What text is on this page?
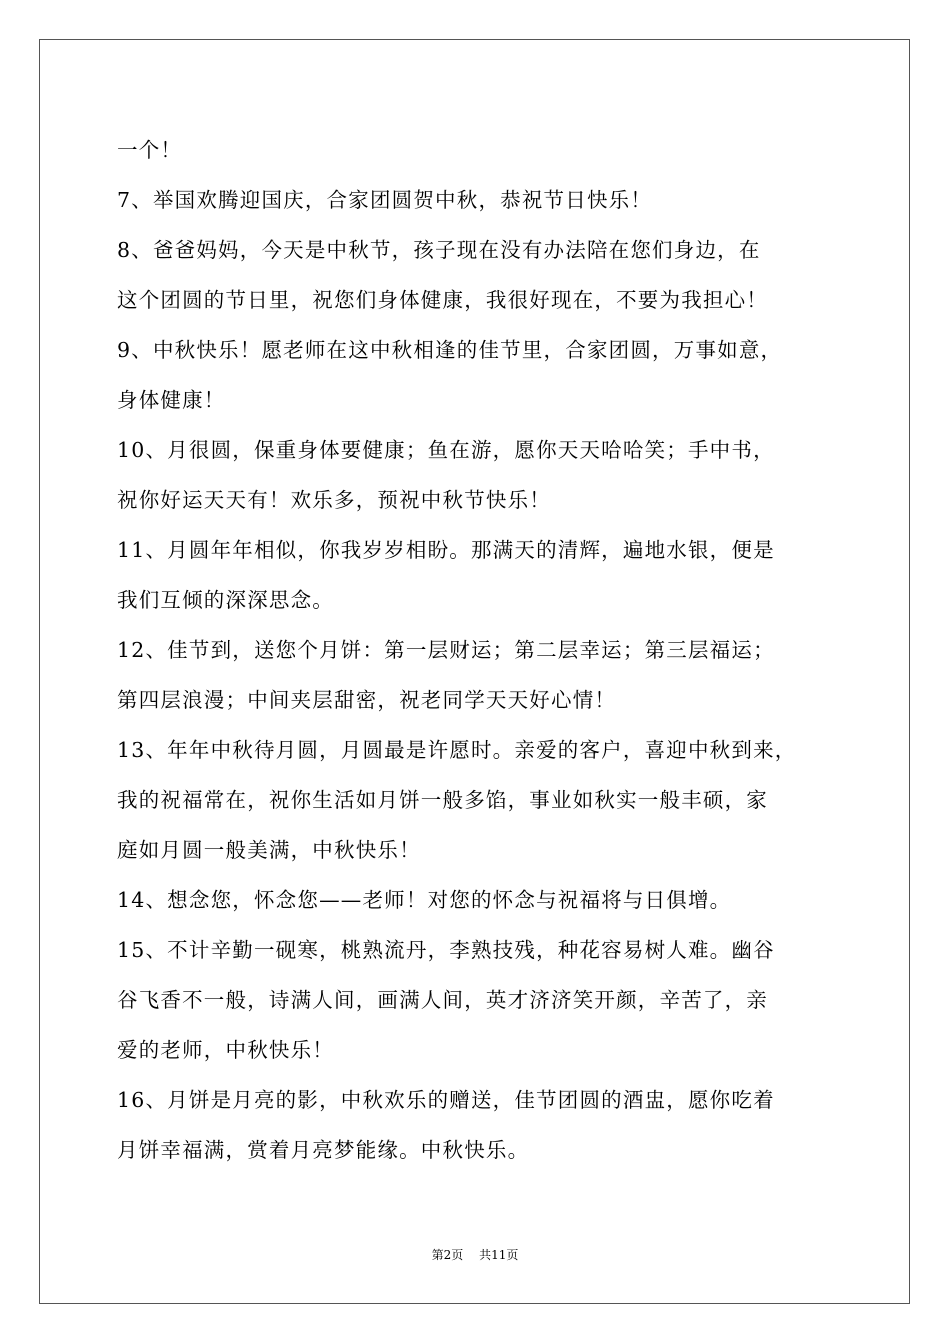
一个！
7、举国欢腾迎国庆，合家团圆贺中秋，恭祝节日快乐！
8、爸爸妈妈，今天是中秋节，孩子现在没有办法陪在您们身边，在
这个团圆的节日里，祝您们身体健康，我很好现在，不要为我担心！
9、中秋快乐！愿老师在这中秋相逢的佳节里，合家团圆，万事如意，
身体健康！
10、月很圆，保重身体要健康；鱼在游，愿你天天哈哈笑；手中书，
祝你好运天天有！欢乐多，预祝中秋节快乐！
11、月圆年年相似，你我岁岁相盼。那满天的清辉，遍地水银，便是
我们互倾的深深思念。
12、佳节到，送您个月饼：第一层财运；第二层幸运；第三层福运；
第四层浪漫；中间夹层甜密，祝老同学天天好心情！
13、年年中秋待月圆，月圆最是许愿时。亲爱的客户，喜迎中秋到来，
我的祝福常在，祝你生活如月饼一般多馅，事业如秋实一般丰硕，家
庭如月圆一般美满，中秋快乐！
14、想念您，怀念您——老师！对您的怀念与祝福将与日俱增。
15、不计辛勤一砚寒，桃熟流丹，李熟技残，种花容易树人难。幽谷
谷飞香不一般，诗满人间，画满人间，英才济济笑开颜，辛苦了，亲
爱的老师，中秋快乐！
16、月饼是月亮的影，中秋欢乐的赠送，佳节团圆的酒盅，愿你吃着
月饼幸福满，赏着月亮梦能缘。中秋快乐。
第2页 共11页
